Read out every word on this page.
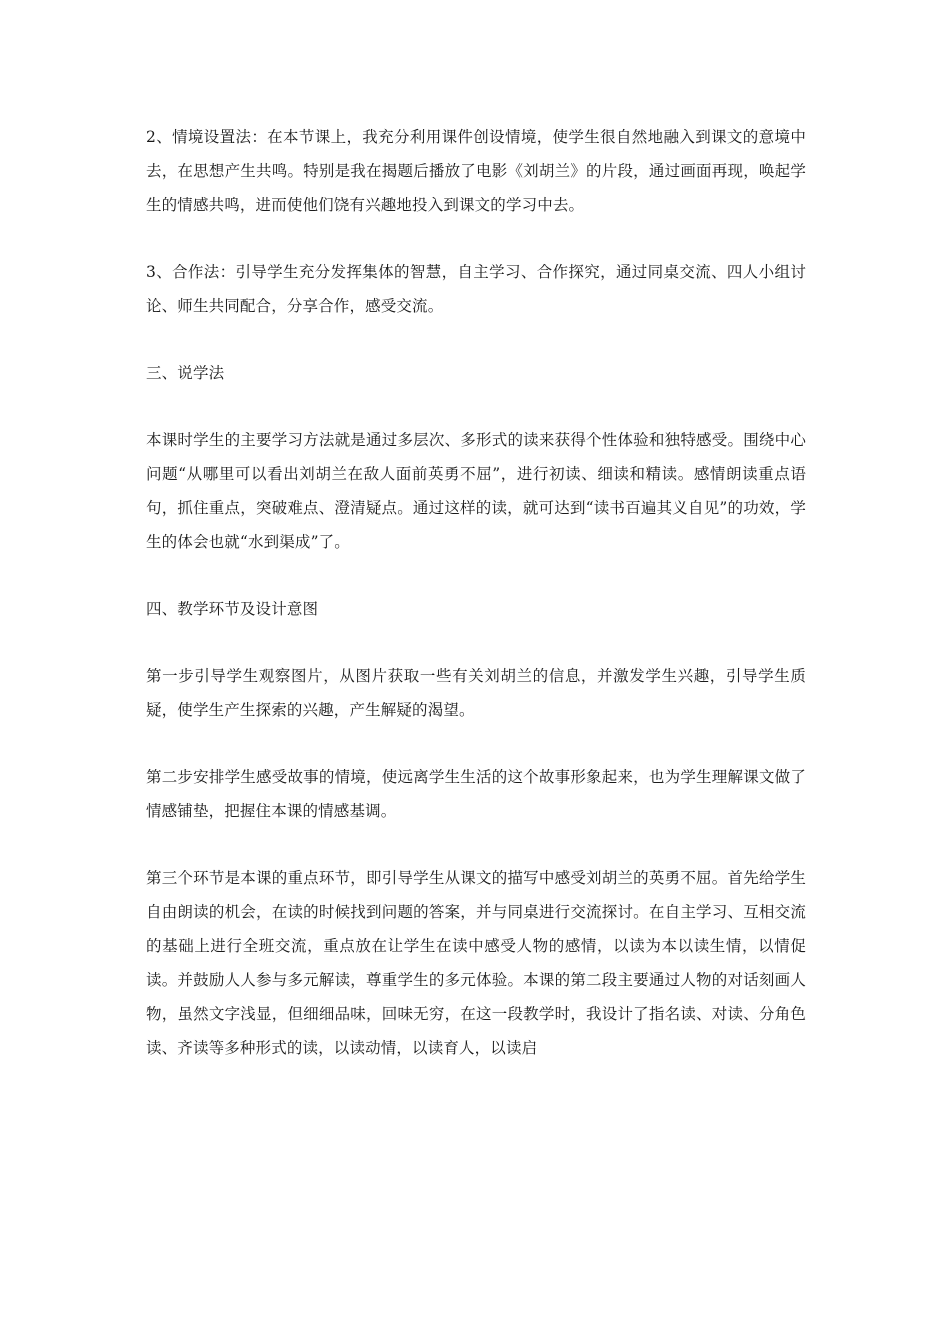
2、情境设置法：在本节课上，我充分利用课件创设情境，使学生很自然地融入到课文的意境中去，在思想产生共鸣。特别是我在揭题后播放了电影《刘胡兰》的片段，通过画面再现，唤起学生的情感共鸣，进而使他们饶有兴趣地投入到课文的学习中去。

3、合作法：引导学生充分发挥集体的智慧，自主学习、合作探究，通过同桌交流、四人小组讨论、师生共同配合，分享合作，感受交流。

三、说学法

本课时学生的主要学习方法就是通过多层次、多形式的读来获得个性体验和独特感受。围绕中心问题“从哪里可以看出刘胡兰在敌人面前英勇不屈”，进行初读、细读和精读。感情朗读重点语句，抓住重点，突破难点、澄清疑点。通过这样的读，就可达到“读书百遍其义自见”的功效，学生的体会也就“水到渠成”了。

四、教学环节及设计意图

第一步引导学生观察图片，从图片获取一些有关刘胡兰的信息，并激发学生兴趣，引导学生质疑，使学生产生探索的兴趣，产生解疑的渴望。

第二步安排学生感受故事的情境，使远离学生生活的这个故事形象起来，也为学生理解课文做了情感铺垫，把握住本课的情感基调。

第三个环节是本课的重点环节，即引导学生从课文的描写中感受刘胡兰的英勇不屈。首先给学生自由朗读的机会，在读的时候找到问题的答案，并与同桌进行交流探讨。在自主学习、互相交流的基础上进行全班交流，重点放在让学生在读中感受人物的感情，以读为本以读生情，以情促读。并鼓励人人参与多元解读，尊重学生的多元体验。本课的第二段主要通过人物的对话刻画人物，虽然文字浅显，但细细品味，回味无穷，在这一段教学时，我设计了指名读、对读、分角色读、齐读等多种形式的读，以读动情，以读育人，以读启
